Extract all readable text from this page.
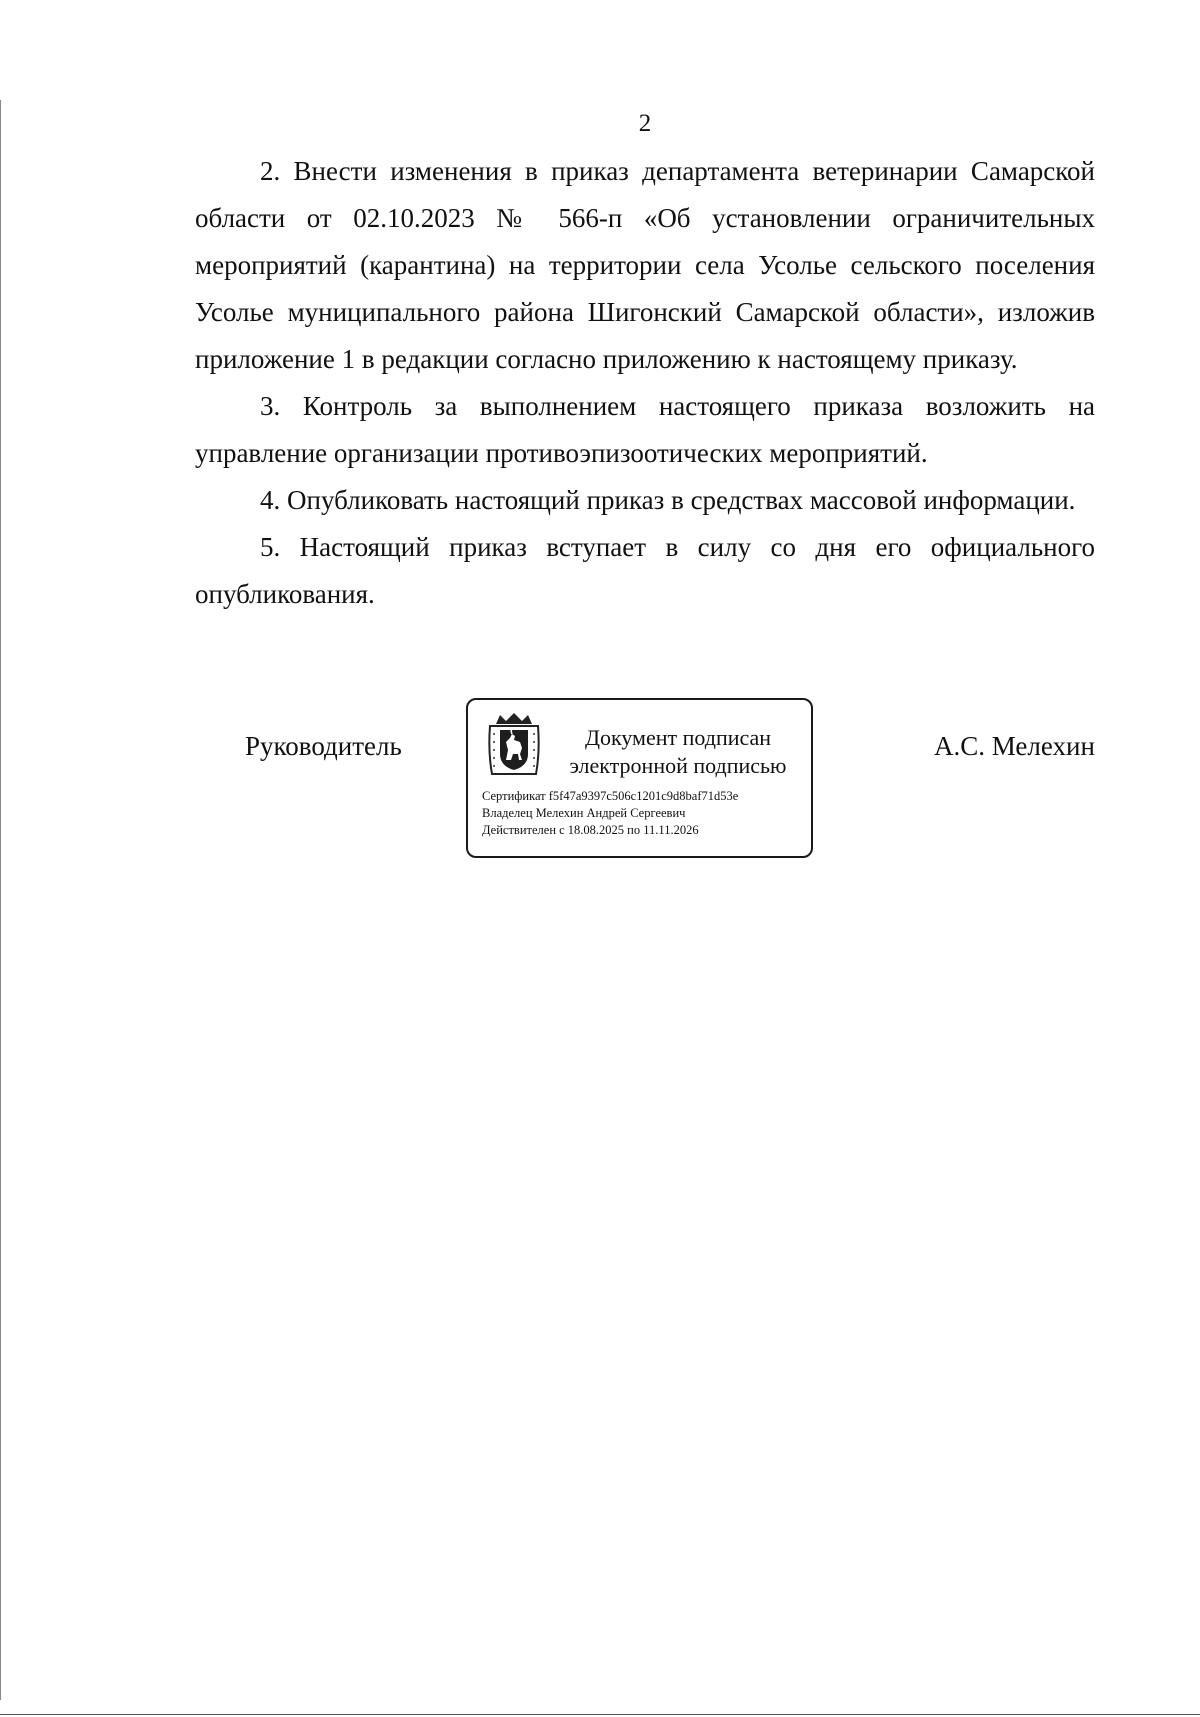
2

2. Внести изменения в приказ департамента ветеринарии Самарской области от 02.10.2023 № 566-п «Об установлении ограничительных мероприятий (карантина) на территории села Усолье сельского поселения Усолье муниципального района Шигонский Самарской области», изложив приложение 1 в редакции согласно приложению к настоящему приказу.

3. Контроль за выполнением настоящего приказа возложить на управление организации противоэпизоотических мероприятий.

4. Опубликовать настоящий приказ в средствах массовой информации.

5. Настоящий приказ вступает в силу со дня его официального опубликования.

Руководитель	Документ подписан
электронной подписью
Сертификат f5f47a9397c506c1201c9d8baf71d53e
Владелец Мелехин Андрей Сергеевич
Действителен с 18.08.2025 по 11.11.2026
А.С. Мелехин
